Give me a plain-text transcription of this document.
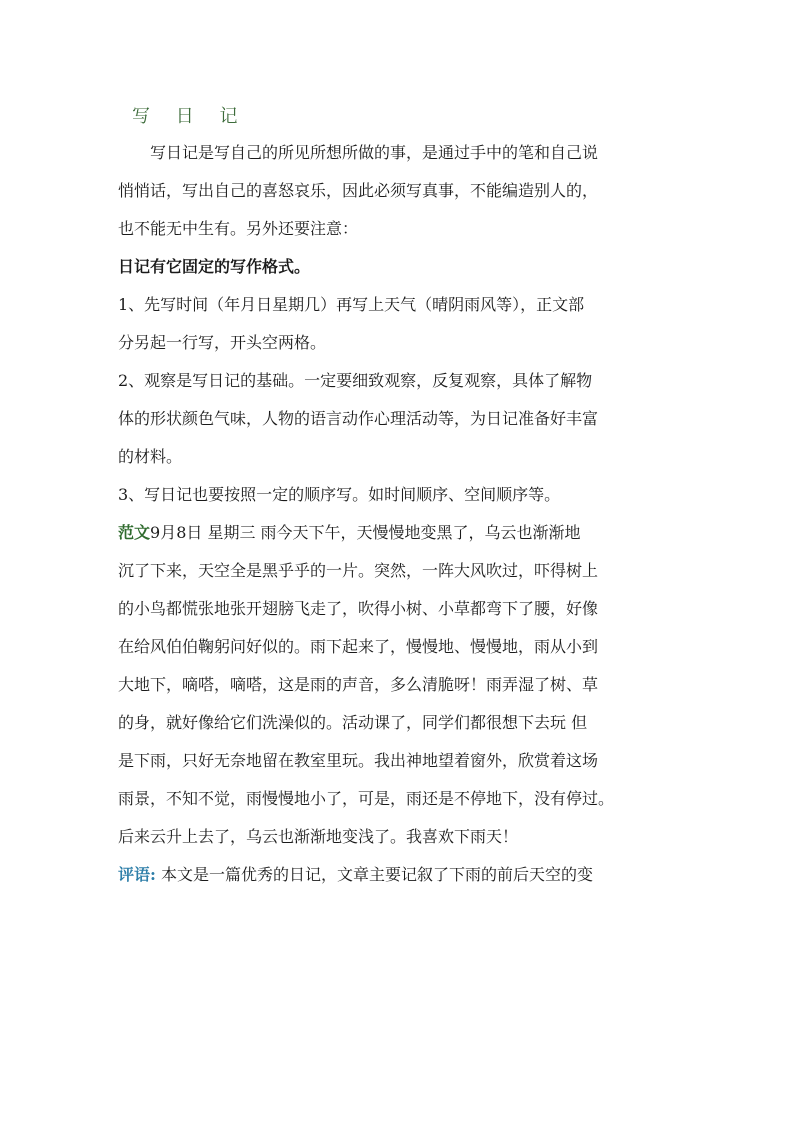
写 日 记
写日记是写自己的所见所想所做的事，是通过手中的笔和自己说
悄悄话，写出自己的喜怒哀乐，因此必须写真事，不能编造别人的，
也不能无中生有。另外还要注意：
日记有它固定的写作格式。
1、先写时间（年月日星期几）再写上天气（晴阴雨风等），正文部
分另起一行写，开头空两格。
2、观察是写日记的基础。一定要细致观察，反复观察，具体了解物
体的形状颜色气味，人物的语言动作心理活动等，为日记准备好丰富
的材料。
3、写日记也要按照一定的顺序写。如时间顺序、空间顺序等。
范文9月8日 星期三 雨今天下午，天慢慢地变黑了，乌云也渐渐地
沉了下来，天空全是黑乎乎的一片。突然，一阵大风吹过，吓得树上
的小鸟都慌张地张开翅膀飞走了，吹得小树、小草都弯下了腰，好像
在给风伯伯鞠躬问好似的。雨下起来了，慢慢地、慢慢地，雨从小到
大地下，嘀嗒，嘀嗒，这是雨的声音，多么清脆呀！雨弄湿了树、草
的身，就好像给它们洗澡似的。活动课了，同学们都很想下去玩 但
是下雨，只好无奈地留在教室里玩。我出神地望着窗外，欣赏着这场
雨景，不知不觉，雨慢慢地小了，可是，雨还是不停地下，没有停过。
后来云升上去了，乌云也渐渐地变浅了。我喜欢下雨天！
评语: 本文是一篇优秀的日记，文章主要记叙了下雨的前后天空的变
